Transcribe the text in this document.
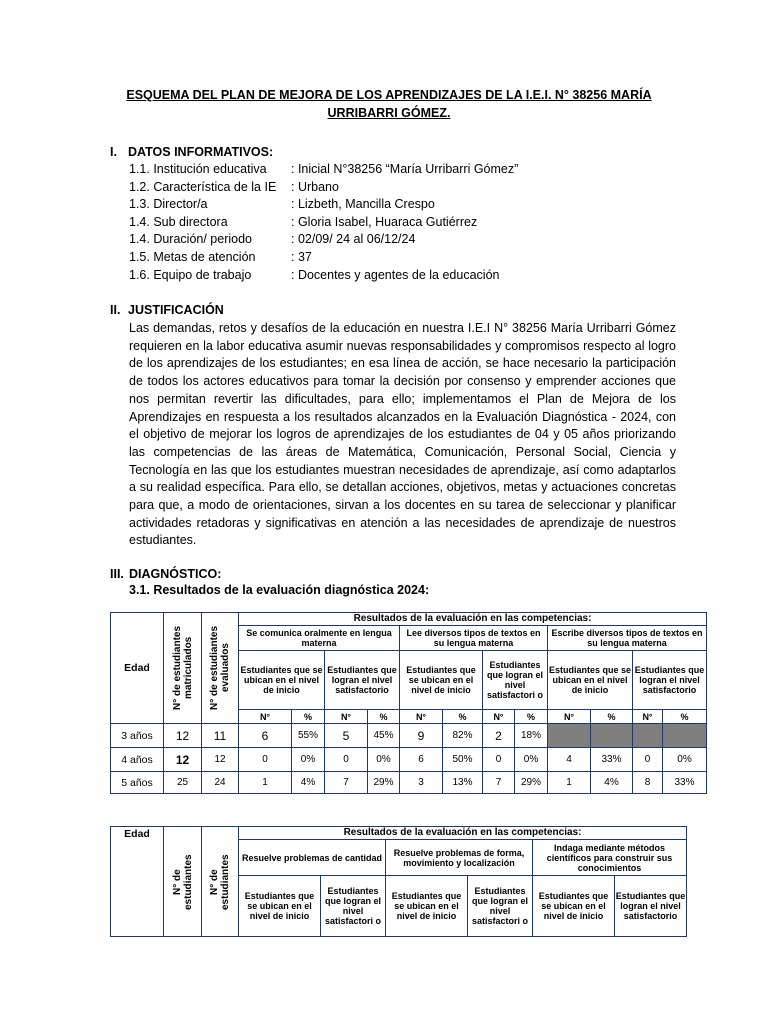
ESQUEMA DEL PLAN DE MEJORA DE LOS APRENDIZAJES DE LA I.E.I. N° 38256 MARÍA URRIBARRI GÓMEZ.
I. DATOS INFORMATIVOS:
1.1. Institución educativa : Inicial N°38256 “María Urribarri Gómez”
1.2. Característica de la IE : Urbano
1.3. Director/a	: Lizbeth, Mancilla Crespo
1.4. Sub directora	: Gloria Isabel, Huaraca Gutiérrez
1.4. Duración/ periodo	: 02/09/ 24 al 06/12/24
1.5. Metas de atención	: 37
1.6. Equipo de trabajo	: Docentes y agentes de la educación
II. JUSTIFICACIÓN
Las demandas, retos y desafíos de la educación en nuestra I.E.I N° 38256 María Urribarri Gómez requieren en la labor educativa asumir nuevas responsabilidades y compromisos respecto al logro de los aprendizajes de los estudiantes; en esa línea de acción, se hace necesario la participación de todos los actores educativos para tomar la decisión por consenso y emprender acciones que nos permitan revertir las dificultades, para ello; implementamos el Plan de Mejora de los Aprendizajes en respuesta a los resultados alcanzados en la Evaluación Diagnóstica - 2024, con el objetivo de mejorar los logros de aprendizajes de los estudiantes de 04 y 05 años priorizando las competencias de las áreas de Matemática, Comunicación, Personal Social, Ciencia y Tecnología en las que los estudiantes muestran necesidades de aprendizaje, así como adaptarlos a su realidad específica. Para ello, se detallan acciones, objetivos, metas y actuaciones concretas para que, a modo de orientaciones, sirvan a los docentes en su tarea de seleccionar y planificar actividades retadoras y significativas en atención a las necesidades de aprendizaje de nuestros estudiantes.
III. DIAGNÓSTICO:
3.1. Resultados de la evaluación diagnóstica 2024:
Edad	N° de estudiantes matriculados	N° de estudiantes evaluados	Resultados de la evaluación en las competencias:											
			Se comunica oralmente en lengua materna				Lee diversos tipos de textos en su lengua materna				Escribe diversos tipos de textos en su lengua materna			
			Estudiantes que se ubican en el nivel de inicio		Estudiantes que logran el nivel satisfactorio		Estudiantes que se ubican en el nivel de inicio		Estudiantes que logran el nivel satisfactori o		Estudiantes que se ubican en el nivel de inicio		Estudiantes que logran el nivel satisfactorio	
			N°	%	N°	%	N°	%	N°	%	N°	%	N°	%
3 años	12	11	6	55%	5	45%	9	82%	2	18%				
4 años	12	12	0	0%	0	0%	6	50%	0	0%	4	33%	0	0%
5 años	25	24	1	4%	7	29%	3	13%	7	29%	1	4%	8	33%
Edad	N° de estudiantes	N° de estudiantes	Resultados de la evaluación en las competencias:					
			Resuelve problemas de cantidad		Resuelve problemas de forma, movimiento y localización		Indaga mediante métodos científicos para construir sus conocimientos	
			Estudiantes que se ubican en el nivel de inicio	Estudiantes que logran el nivel satisfactori o	Estudiantes que se ubican en el nivel de inicio	Estudiantes que logran el nivel satisfactori o	Estudiantes que se ubican en el nivel de inicio	Estudiantes que logran el nivel satisfactorio
